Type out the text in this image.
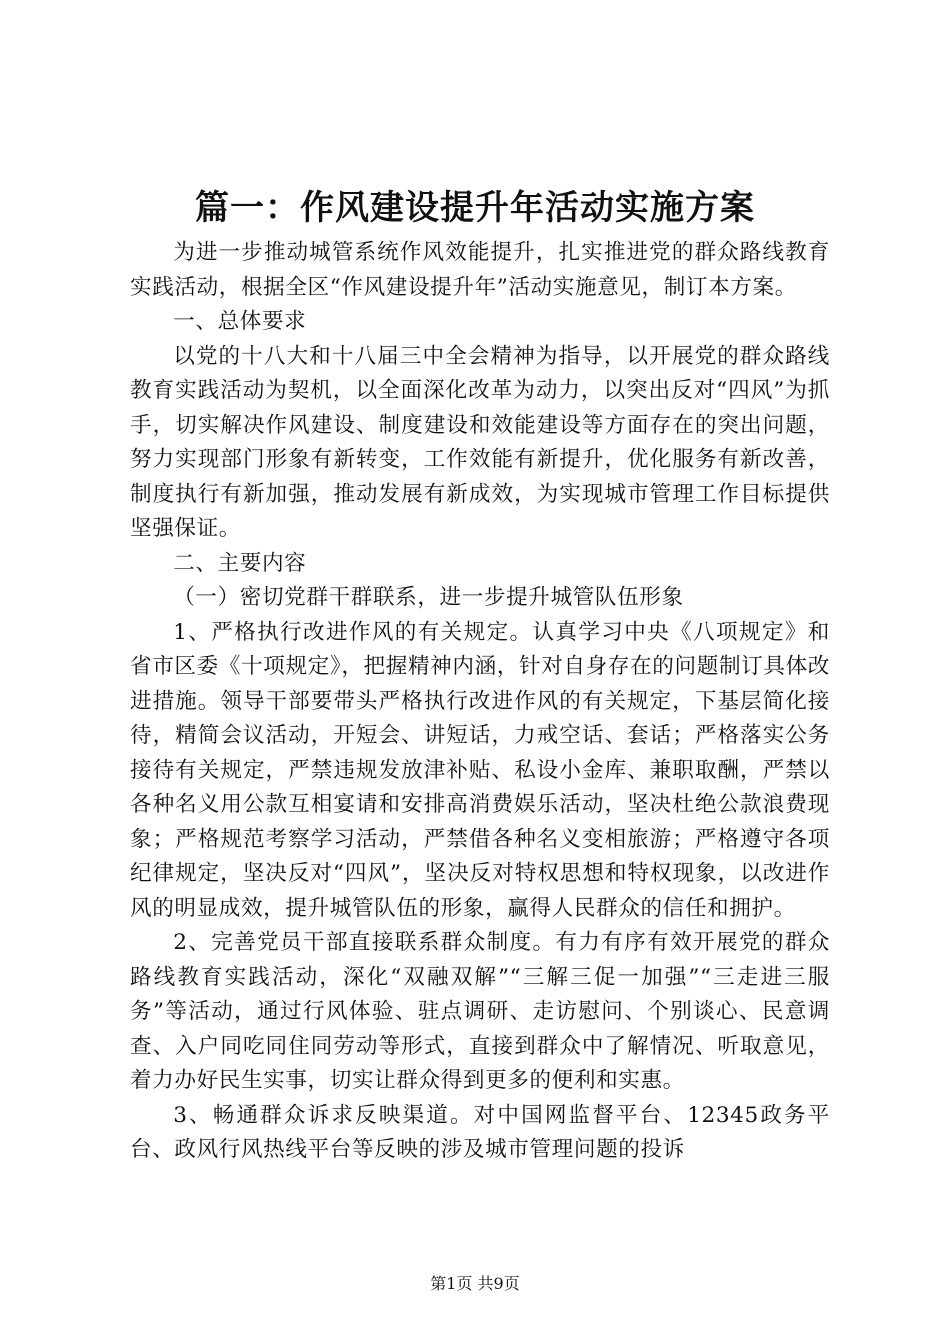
篇一：作风建设提升年活动实施方案

为进一步推动城管系统作风效能提升，扎实推进党的群众路线教育实践活动，根据全区“作风建设提升年”活动实施意见，制订本方案。

一、总体要求

以党的十八大和十八届三中全会精神为指导，以开展党的群众路线教育实践活动为契机，以全面深化改革为动力，以突出反对“四风”为抓手，切实解决作风建设、制度建设和效能建设等方面存在的突出问题，努力实现部门形象有新转变，工作效能有新提升，优化服务有新改善，制度执行有新加强，推动发展有新成效，为实现城市管理工作目标提供坚强保证。

二、主要内容

（一）密切党群干群联系，进一步提升城管队伍形象

1、严格执行改进作风的有关规定。认真学习中央《八项规定》和省市区委《十项规定》，把握精神内涵，针对自身存在的问题制订具体改进措施。领导干部要带头严格执行改进作风的有关规定，下基层简化接待，精简会议活动，开短会、讲短话，力戒空话、套话；严格落实公务接待有关规定，严禁违规发放津补贴、私设小金库、兼职取酬，严禁以各种名义用公款互相宴请和安排高消费娱乐活动，坚决杜绝公款浪费现象；严格规范考察学习活动，严禁借各种名义变相旅游；严格遵守各项纪律规定，坚决反对“四风”，坚决反对特权思想和特权现象，以改进作风的明显成效，提升城管队伍的形象，赢得人民群众的信任和拥护。

2、完善党员干部直接联系群众制度。有力有序有效开展党的群众路线教育实践活动，深化“双融双解”“三解三促一加强”“三走进三服务”等活动，通过行风体验、驻点调研、走访慰问、个别谈心、民意调查、入户同吃同住同劳动等形式，直接到群众中了解情况、听取意见，着力办好民生实事，切实让群众得到更多的便利和实惠。

3、畅通群众诉求反映渠道。对中国网监督平台、12345政务平台、政风行风热线平台等反映的涉及城市管理问题的投诉

第1页 共9页
